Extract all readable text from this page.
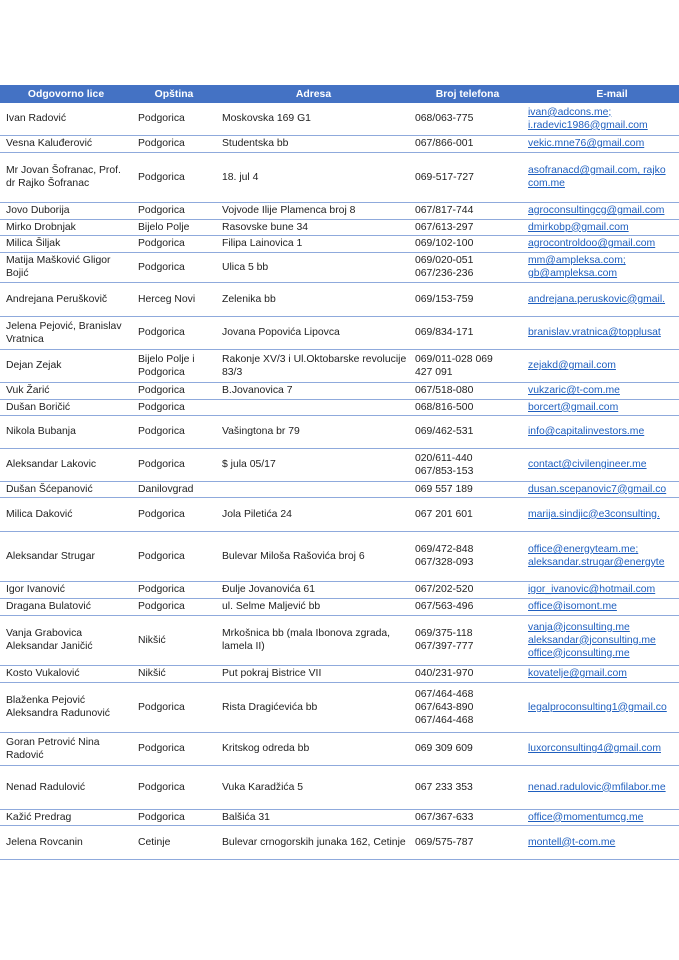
Odgovorno lice	Opština	Adresa	Broj telefona	E-mail
Ivan Radović	Podgorica	Moskovska 169 G1	068/063-775	ivan@adcons.me;
i.radevic1986@gmail.com

Vesna Kaluđerović	Podgorica	Studentska bb	067/866-001	vekic.mne76@gmail.com

Mr Jovan Šofranac, Prof. dr Rajko Šofranac	Podgorica	18. jul 4	069-517-727	asofranacd@gmail.com, rajko
com.me

Jovo Duborija	Podgorica	Vojvode Ilije Plamenca broj 8	067/817-744	agroconsultingcg@gmail.com

Mirko Drobnjak	Bijelo Polje	Rasovske bune 34	067/613-297	dmirkobp@gmail.com

Milica Šiljak	Podgorica	Filipa Lainovica 1	069/102-100	agrocontroldoo@gmail.com

Matija Mašković Gligor Bojić	Podgorica	Ulica 5 bb	069/020-051
067/236-236	mm@ampleksa.com;
gb@ampleksa.com

Andrejana Peruškovič	Herceg Novi	Zelenika bb	069/153-759	andrejana.peruskovic@gmail.

Jelena Pejović, Branislav Vratnica	Podgorica	Jovana Popovića Lipovca	069/834-171	branislav.vratnica@topplusat

Dejan Zejak	Bijelo Polje i Podgorica	Rakonje XV/3 i Ul.Oktobarske revolucije 83/3	069/011-028 069
427 091	zejakd@gmail.com

Vuk Žarić	Podgorica	B.Jovanovica 7	067/518-080	vukzaric@t-com.me

Dušan Boričić	Podgorica		068/816-500	borcert@gmail.com

Nikola Bubanja	Podgorica	Vašingtona br 79	069/462-531	info@capitalinvestors.me

Aleksandar Lakovic	Podgorica	$ jula 05/17	020/611-440
067/853-153	contact@civilengineer.me

Dušan Šćepanović	Danilovgrad		069 557 189	dusan.scepanovic7@gmail.co

Milica Daković	Podgorica	Jola Piletića 24	067 201 601	marija.sindjic@e3consulting.

Aleksandar Strugar	Podgorica	Bulevar Miloša Rašovića broj 6	069/472-848
067/328-093	office@energyteam.me;
aleksandar.strugar@energyte

Igor Ivanović	Podgorica	Đulje Jovanovića 61	067/202-520	igor_ivanovic@hotmail.com

Dragana Bulatović	Podgorica	ul. Selme Maljević bb	067/563-496	office@isomont.me

Vanja Grabovica Aleksandar Janičić	Nikšić	Mrkošnica bb (mala Ibonova zgrada, lamela II)	069/375-118
067/397-777	vanja@jconsulting.me
aleksandar@jconsulting.me
office@jconsulting.me

Kosto Vukalović	Nikšić	Put pokraj Bistrice VII	040/231-970	kovatelje@gmail.com

Blaženka Pejović Aleksandra Radunović	Podgorica	Rista Dragićevića bb	067/464-468
067/643-890
067/464-468	legalproconsulting1@gmail.co

Goran Petrović Nina Radović	Podgorica	Kritskog odreda bb	069 309 609	luxorconsulting4@gmail.com

Nenad Radulović	Podgorica	Vuka Karadžića 5	067 233 353	nenad.radulovic@mfilabor.me

Kažić Predrag	Podgorica	Balšića 31	067/367-633	office@momentumcg.me

Jelena Rovcanin	Cetinje	Bulevar crnogorskih junaka 162, Cetinje	069/575-787	montell@t-com.me
